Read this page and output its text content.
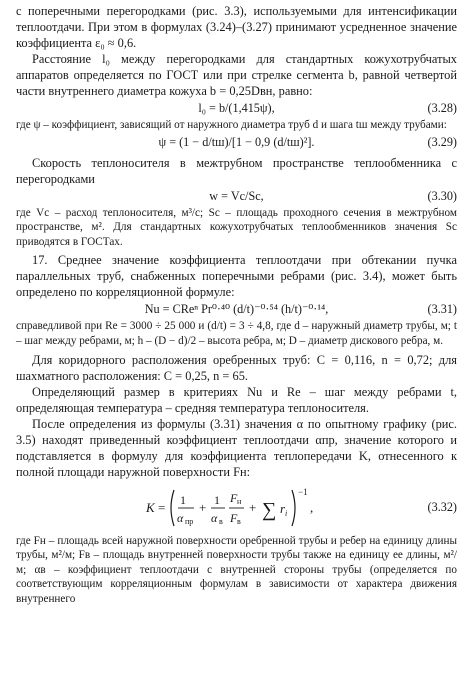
с поперечными перегородками (рис. 3.3), используемыми для интенсификации теплоотдачи. При этом в формулах (3.24)–(3.27) принимают усредненное значение коэффициента ε₀ ≈ 0,6.

Расстояние l₀ между перегородками для стандартных кожухотрубчатых аппаратов определяется по ГОСТ или при стрелке сегмента b, равной четвертой части внутреннего диаметра кожуха b = 0,25Dвн, равно:

l₀ = b/(1,415ψ),	(3.28)

где ψ – коэффициент, зависящий от наружного диаметра труб d и шага tш между трубами:

ψ = (1 − d/tш)/[1 − 0,9 (d/tш)²].	(3.29)

Скорость теплоносителя в межтрубном пространстве теплообменника с перегородками

w = Vс/Sс,	(3.30)

где Vс – расход теплоносителя, м³/с; Sс – площадь проходного сечения в межтрубном пространстве, м². Для стандартных кожухотрубчатых теплообменников значения Sс приводятся в ГОСТах.

17. Среднее значение коэффициента теплоотдачи при обтекании пучка параллельных труб, снабженных поперечными ребрами (рис. 3.4), может быть определено по корреляционной формуле:

Nu = CReⁿ Pr⁰·⁴⁰ (d/t)⁻⁰·⁵⁴ (h/t)⁻⁰·¹⁴,	(3.31)

справедливой при Re = 3000 ÷ 25 000 и (d/t) = 3 ÷ 4,8, где d – наружный диаметр трубы, м; t – шаг между ребрами, м; h – (D − d)/2 – высота ребра, м; D – диаметр дискового ребра, м.

Для коридорного расположения оребренных труб: C = 0,116, n = 0,72; для шахматного расположения: C = 0,25, n = 65.

Определяющий размер в критериях Nu и Re – шаг между ребрами t, определяющая температура – средняя температура теплоносителя.

После определения из формулы (3.31) значения α по опытному графику (рис. 3.5) находят приведенный коэффициент теплоотдачи αпр, значение которого и подставляется в формулу для коэффициента теплопередачи K, отнесенного к полной площади наружной поверхности Fн:

K = 1
α пр
+ 1
α в
F н
F в
+ ∑ r i
−1
,	(3.32)

где Fн – площадь всей наружной поверхности оребренной трубы и ребер на единицу длины трубы, м²/м; Fв – площадь внутренней поверхности трубы также на единицу ее длины, м²/м; αв – коэффициент теплоотдачи с внутренней стороны трубы (определяется по соответствующим корреляционным формулам в зависимости от характера движения внутреннего
